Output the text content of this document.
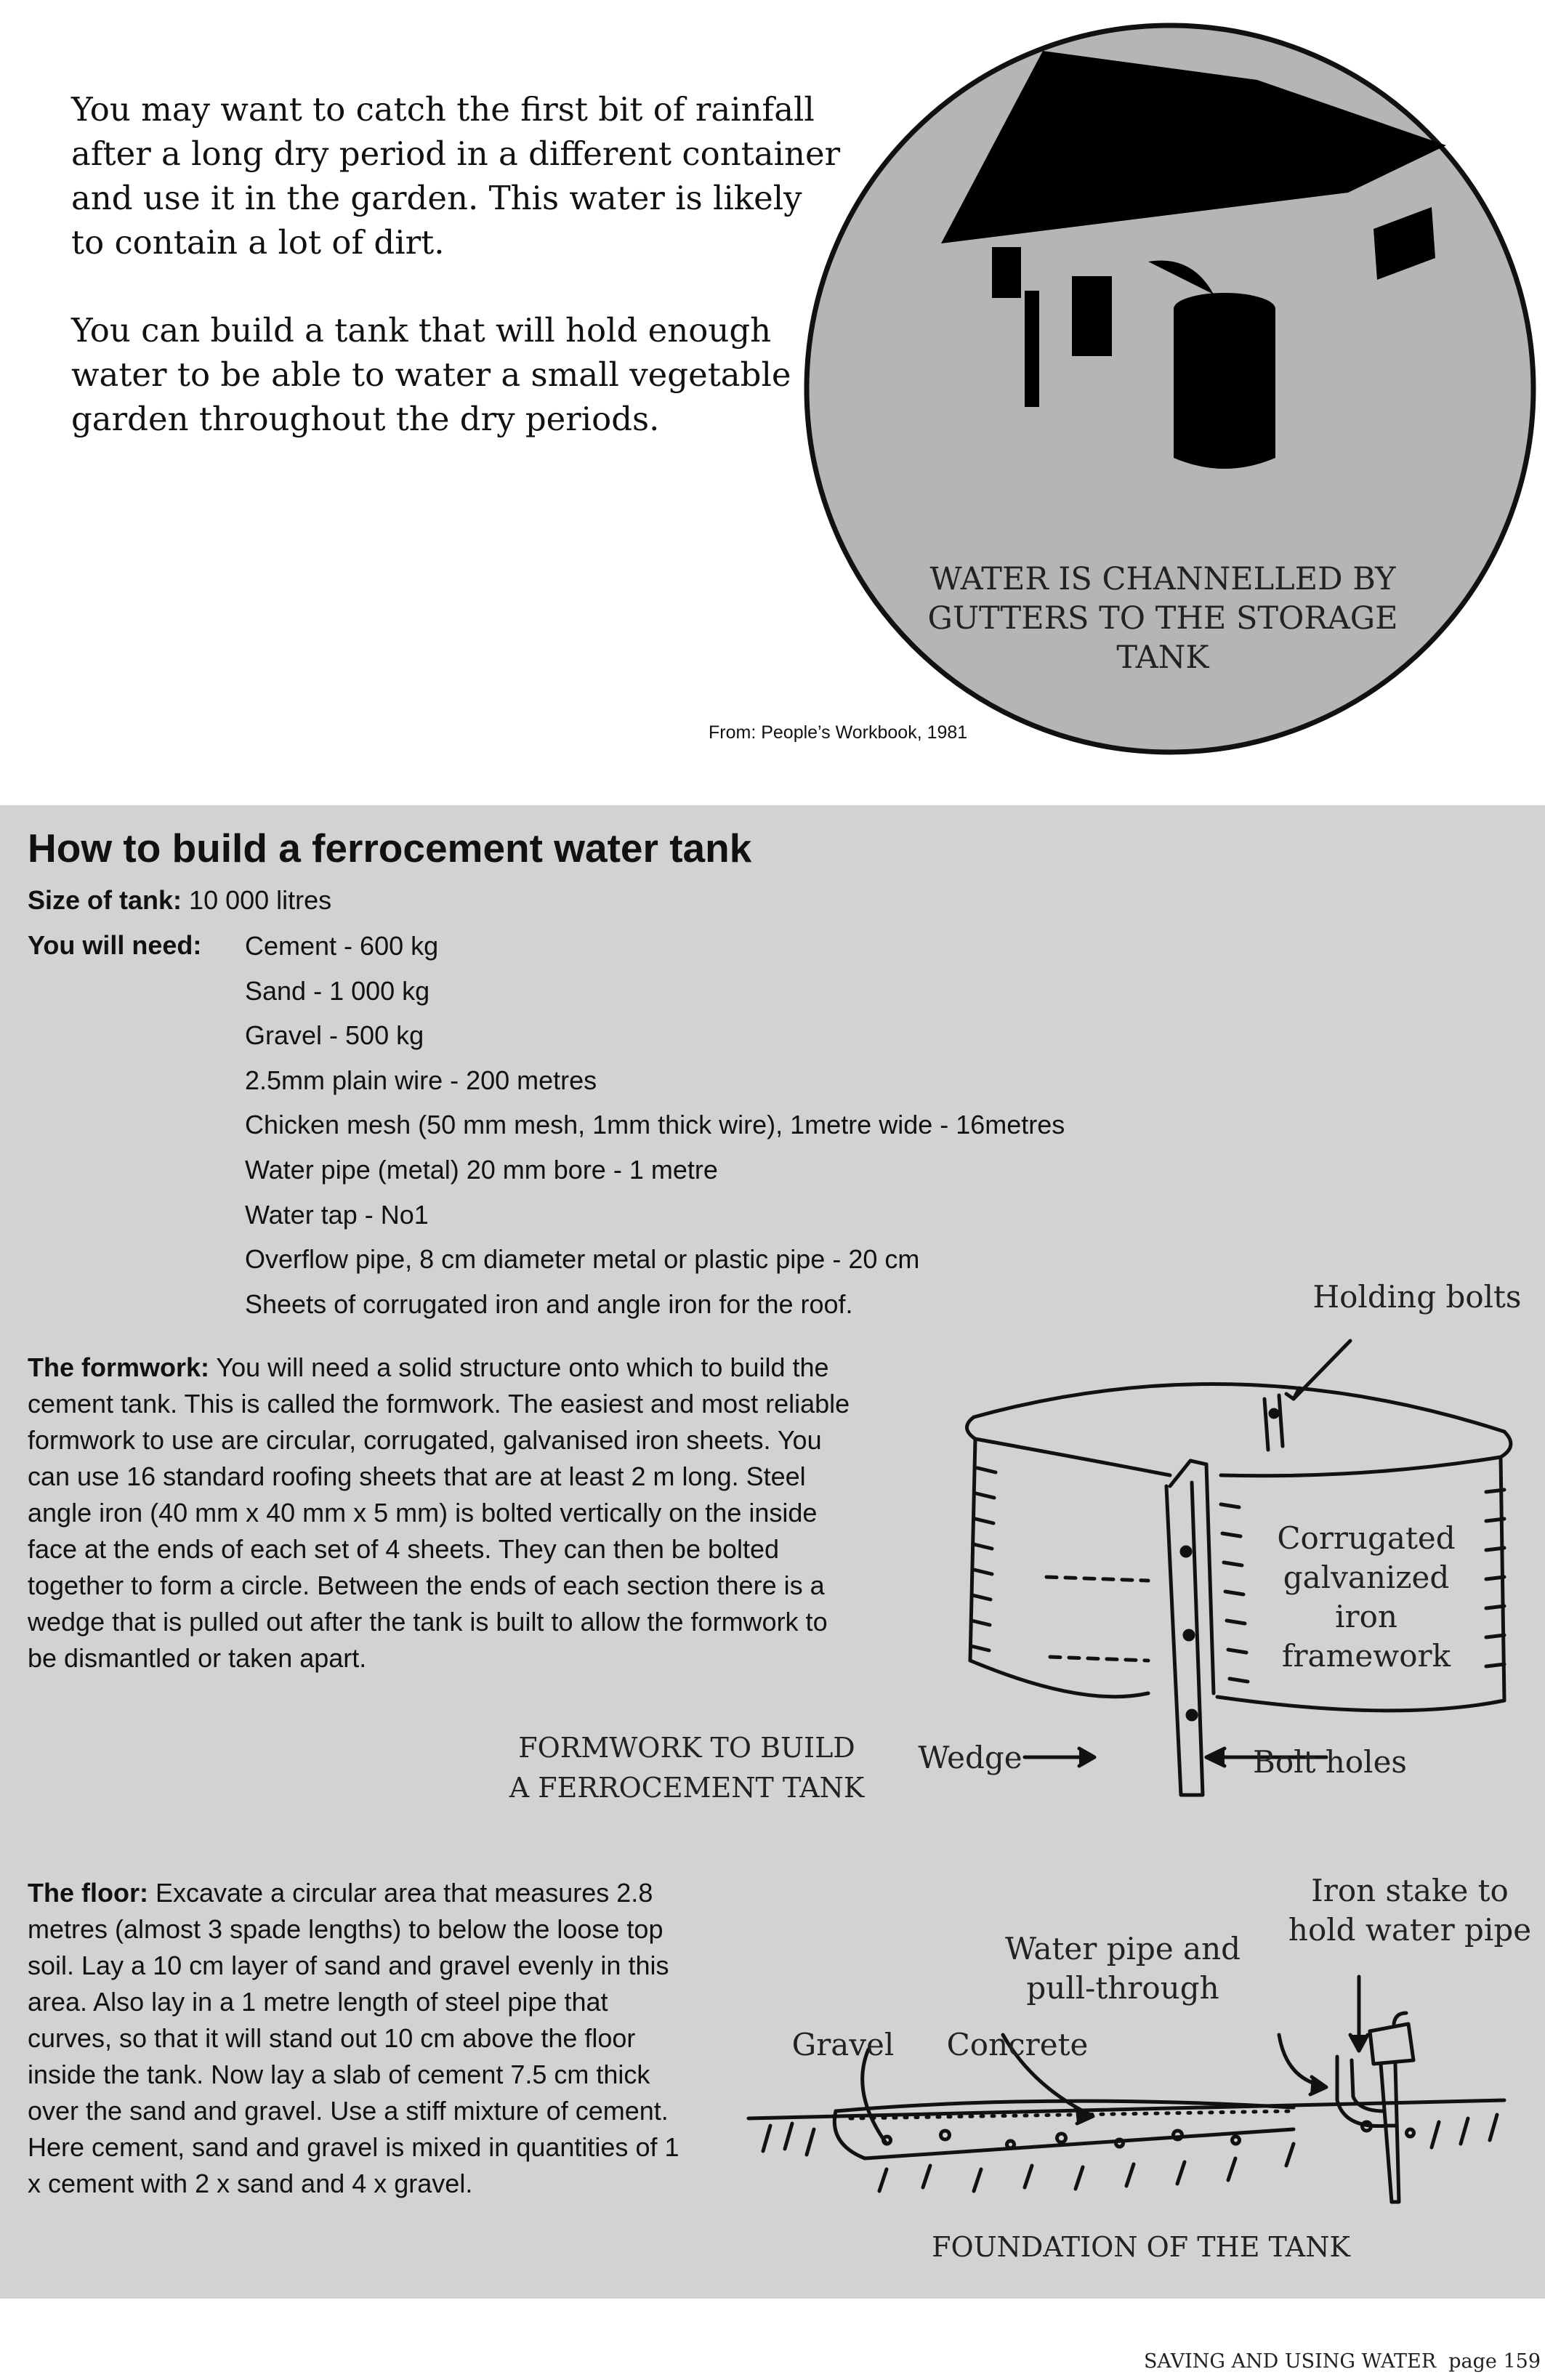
You may want to catch the first bit of rainfall after a long dry period in a different container and use it in the garden. This water is likely to contain a lot of dirt.

You can build a tank that will hold enough water to be able to water a small vegetable garden throughout the dry periods.

WATER IS CHANNELLED BY GUTTERS TO THE STORAGE TANK
From: People’s Workbook, 1981
How to build a ferrocement water tank
Size of tank: 10 000 litres
You will need: Cement - 600 kg
Sand - 1 000 kg
Gravel - 500 kg
2.5mm plain wire - 200 metres
Chicken mesh (50 mm mesh, 1mm thick wire), 1metre wide - 16metres
Water pipe (metal) 20 mm bore - 1 metre
Water tap - No1
Overflow pipe, 8 cm diameter metal or plastic pipe - 20 cm
Sheets of corrugated iron and angle iron for the roof.

The formwork: You will need a solid structure onto which to build the cement tank. This is called the formwork. The easiest and most reliable formwork to use are circular, corrugated, galvanised iron sheets. You can use 16 standard roofing sheets that are at least 2 m long. Steel angle iron (40 mm x 40 mm x 5 mm) is bolted vertically on the inside face at the ends of each set of 4 sheets. They can then be bolted together to form a circle. Between the ends of each section there is a wedge that is pulled out after the tank is built to allow the formwork to be dismantled or taken apart.

Holding bolts
Corrugated galvanized iron framework
Wedge	Bolt holes
FORMWORK TO BUILD A FERROCEMENT TANK

The floor: Excavate a circular area that measures 2.8 metres (almost 3 spade lengths) to below the loose top soil. Lay a 10 cm layer of sand and gravel evenly in this area. Also lay in a 1 metre length of steel pipe that curves, so that it will stand out 10 cm above the floor inside the tank. Now lay a slab of cement 7.5 cm thick over the sand and gravel. Use a stiff mixture of cement. Here cement, sand and gravel is mixed in quantities of 1 x cement with 2 x sand and 4 x gravel.

Iron stake to hold water pipe
Water pipe and pull-through
Gravel	Concrete
FOUNDATION OF THE TANK
SAVING AND USING WATER page 159
